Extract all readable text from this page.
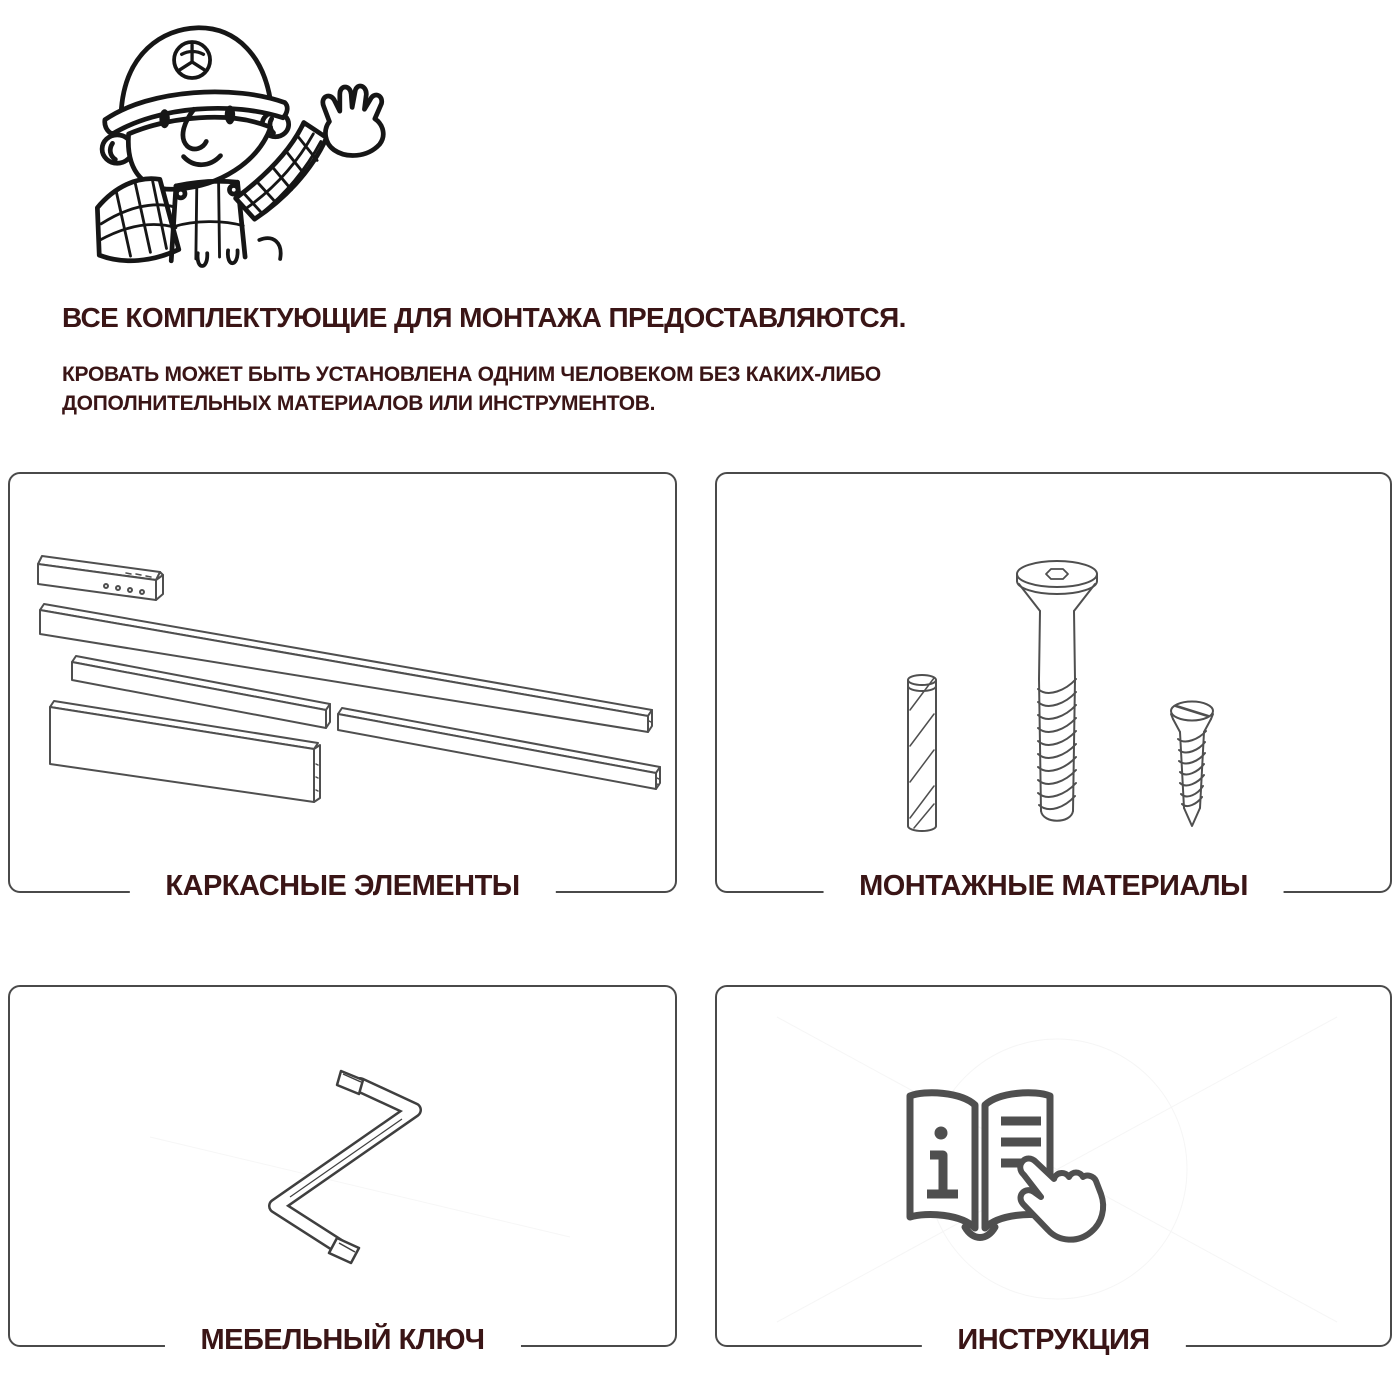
ВСЕ КОМПЛЕКТУЮЩИЕ ДЛЯ МОНТАЖА ПРЕДОСТАВЛЯЮТСЯ.

КРОВАТЬ МОЖЕТ БЫТЬ УСТАНОВЛЕНА ОДНИМ ЧЕЛОВЕКОМ БЕЗ КАКИХ-ЛИБО
ДОПОЛНИТЕЛЬНЫХ МАТЕРИАЛОВ ИЛИ ИНСТРУМЕНТОВ.

КАРКАСНЫЕ ЭЛЕМЕНТЫ	МОНТАЖНЫЕ МАТЕРИАЛЫ
МЕБЕЛЬНЫЙ КЛЮЧ	ИНСТРУКЦИЯ
